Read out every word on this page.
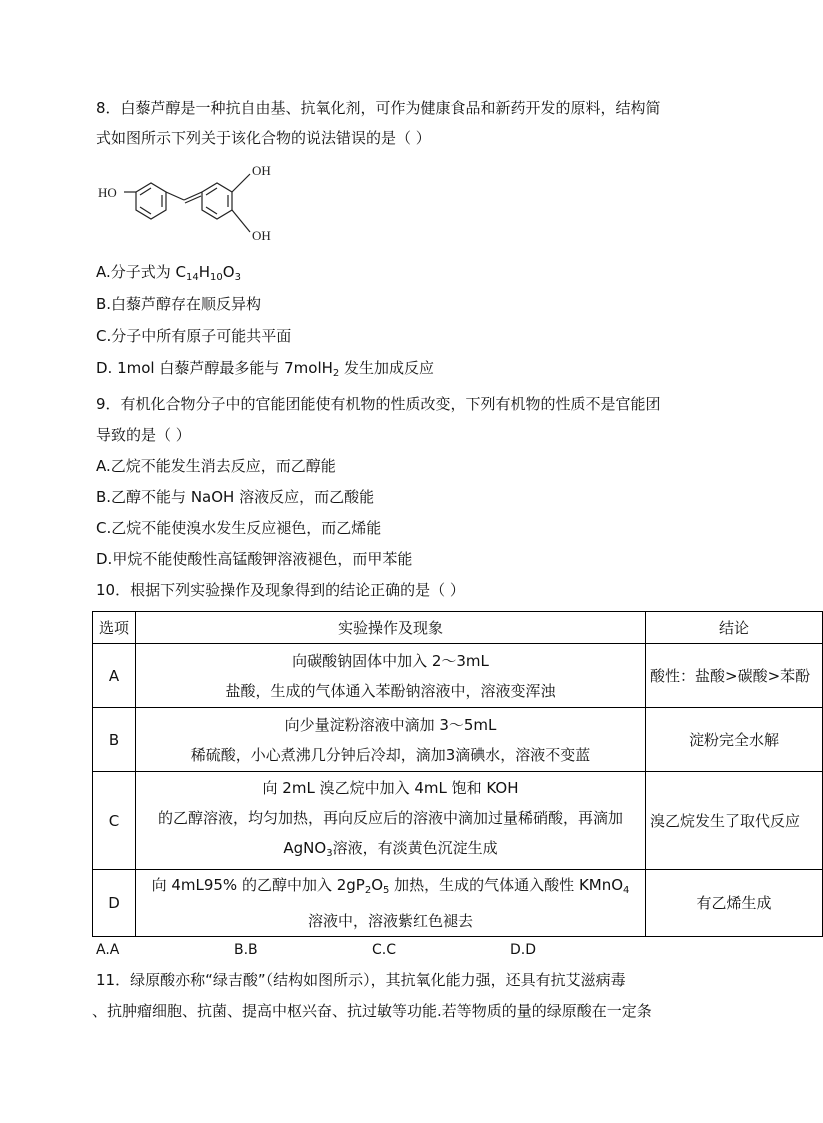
8．白藜芦醇是一种抗自由基、抗氧化剂，可作为健康食品和新药开发的原料，结构简
式如图所示下列关于该化合物的说法错误的是（ ）
HO
OH
OH
A.分子式为 $C_{14}H_{10}O_3$
B.白藜芦醇存在顺反异构
C.分子中所有原子可能共平面
D. 1mol 白藜芦醇最多能与 7molH$_2$ 发生加成反应
9．有机化合物分子中的官能团能使有机物的性质改变，下列有机物的性质不是官能团
导致的是（ ）
A.乙烷不能发生消去反应，而乙醇能
B.乙醇不能与 NaOH 溶液反应，而乙酸能
C.乙烷不能使溴水发生反应褪色，而乙烯能
D.甲烷不能使酸性高锰酸钾溶液褪色，而甲苯能
10．根据下列实验操作及现象得到的结论正确的是（ ）
选项	实验操作及现象	结论
A	向碳酸钠固体中加入 2～3mL
盐酸，生成的气体通入苯酚钠溶液中，溶液变浑浊	酸性：盐酸>碳酸>苯酚
B	向少量淀粉溶液中滴加 3～5mL
稀硫酸，小心煮沸几分钟后冷却，滴加3滴碘水，溶液不变蓝	淀粉完全水解
C	向 2mL 溴乙烷中加入 4mL 饱和 KOH
的乙醇溶液，均匀加热，再向反应后的溶液中滴加过量稀硝酸，再滴加
AgNO$_3$溶液，有淡黄色沉淀生成	溴乙烷发生了取代反应
D	向 4mL95% 的乙醇中加入 $2gP_2O_5$ 加热，生成的气体通入酸性 KMnO$_4$
溶液中，溶液紫红色褪去	有乙烯生成
A.A	B.B	C.C	D.D
11．绿原酸亦称“绿吉酸”（结构如图所示），其抗氧化能力强，还具有抗艾滋病毒
、抗肿瘤细胞、抗菌、提高中枢兴奋、抗过敏等功能.若等物质的量的绿原酸在一定条
